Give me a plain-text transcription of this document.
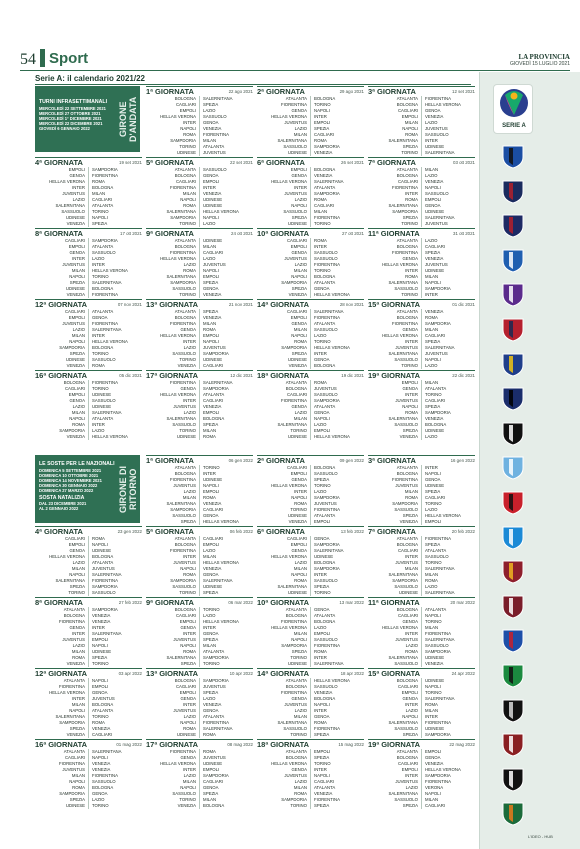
54 Sport	LA PROVINCIA
GIOVEDÌ 15 LUGLIO 2021
Serie A: il calendario 2021/22
TURNI INFRASETTIMANALI
MERCOLEDÌ 22 SETTEMBRE 2021
MERCOLEDÌ 27 OTTOBRE 2021
MERCOLEDÌ 1° DICEMBRE 2021
MERCOLEDÌ 22 DICEMBRE 2021
GIOVEDÌ 6 GENNAIO 2022	GIRONE D'ANDATA
LE SOSTE PER LE NAZIONALI
DOMENICA 5 SETTEMBRE 2021
DOMENICA 10 OTTOBRE 2021
DOMENICA 14 NOVEMBRE 2021
DOMENICA 30 GENNAIO 2022
DOMENICA 27 MARZO 2022
SOSTA NATALIZIA
DAL 23 DICEMBRE 2021
AL 2 GENNAIO 2022	GIRONE DI RITORNO
1ª GIORNATA	22 ago 2021
BOLOGNA	SALERNITANA
CAGLIARI	SPEZIA
EMPOLI	LAZIO
HELLAS VERONA	SASSUOLO
INTER	GENOA
NAPOLI	VENEZIA
ROMA	FIORENTINA
SAMPDORIA	MILAN
TORINO	ATALANTA
UDINESE	JUVENTUS
2ª GIORNATA	29 ago 2021
ATALANTA	BOLOGNA
FIORENTINA	TORINO
GENOA	NAPOLI
HELLAS VERONA	INTER
JUVENTUS	EMPOLI
LAZIO	SPEZIA
MILAN	CAGLIARI
SALERNITANA	ROMA
SASSUOLO	SAMPDORIA
UDINESE	VENEZIA
3ª GIORNATA	12 set 2021
ATALANTA	FIORENTINA
BOLOGNA	HELLAS VERONA
CAGLIARI	GENOA
EMPOLI	VENEZIA
MILAN	LAZIO
NAPOLI	JUVENTUS
ROMA	SASSUOLO
SALERNITANA	INTER
SPEZIA	UDINESE
TORINO	SALERNITANA
4ª GIORNATA	19 set 2021
EMPOLI	SAMPDORIA
GENOA	FIORENTINA
HELLAS VERONA	ROMA
INTER	BOLOGNA
JUVENTUS	MILAN
LAZIO	CAGLIARI
SALERNITANA	ATALANTA
SASSUOLO	TORINO
UDINESE	NAPOLI
VENEZIA	SPEZIA
5ª GIORNATA	22 set 2021
ATALANTA	SASSUOLO
BOLOGNA	GENOA
CAGLIARI	EMPOLI
FIORENTINA	INTER
MILAN	VENEZIA
NAPOLI	UDINESE
ROMA	UDINESE
SALERNITANA	HELLAS VERONA
SAMPDORIA	NAPOLI
TORINO	LAZIO
6ª GIORNATA	26 set 2021
EMPOLI	BOLOGNA
GENOA	VENEZIA
HELLAS VERONA	SALERNITANA
INTER	ATALANTA
JUVENTUS	SAMPDORIA
LAZIO	ROMA
NAPOLI	CAGLIARI
SASSUOLO	MILAN
SPEZIA	FIORENTINA
UDINESE	TORINO
7ª GIORNATA	03 ott 2021
ATALANTA	MILAN
BOLOGNA	LAZIO
CAGLIARI	VENEZIA
FIORENTINA	NAPOLI
INTER	SASSUOLO
ROMA	EMPOLI
SALERNITANA	GENOA
SAMPDORIA	UDINESE
SPEZIA	SALERNITANA
TORINO	JUVENTUS
8ª GIORNATA	17 ott 2021
CAGLIARI	SAMPDORIA
EMPOLI	ATALANTA
GENOA	SASSUOLO
INTER	LAZIO
JUVENTUS	INTER
MILAN	HELLAS VERONA
NAPOLI	TORINO
SPEZIA	SALERNITANA
UDINESE	BOLOGNA
VENEZIA	FIORENTINA
9ª GIORNATA	24 ott 2021
ATALANTA	UDINESE
BOLOGNA	MILAN
FIORENTINA	CAGLIARI
HELLAS VERONA	LAZIO
LAZIO	JUVENTUS
ROMA	NAPOLI
SALERNITANA	EMPOLI
SAMPDORIA	SPEZIA
SASSUOLO	GENOA
TORINO	VENEZIA
10ª GIORNATA	27 ott 2021
CAGLIARI	ROMA
EMPOLI	INTER
GENOA	SASSUOLO
JUVENTUS	SASSUOLO
LAZIO	FIORENTINA
MILAN	TORINO
NAPOLI	BOLOGNA
SAMPDORIA	ATALANTA
SPEZIA	GENOA
VENEZIA	HELLAS VERONA
11ª GIORNATA	31 ott 2021
ATALANTA	LAZIO
BOLOGNA	CAGLIARI
FIORENTINA	SPEZIA
GENOA	VENEZIA
HELLAS VERONA	JUVENTUS
INTER	UDINESE
ROMA	MILAN
SALERNITANA	NAPOLI
SASSUOLO	SAMPDORIA
TORINO	INTER
12ª GIORNATA	07 nov 2021
CAGLIARI	ATALANTA
EMPOLI	GENOA
JUVENTUS	FIORENTINA
LAZIO	SALERNITANA
MILAN	INTER
NAPOLI	HELLAS VERONA
SAMPDORIA	BOLOGNA
SPEZIA	TORINO
UDINESE	SASSUOLO
VENEZIA	ROMA
13ª GIORNATA	21 nov 2021
ATALANTA	SPEZIA
BOLOGNA	VENEZIA
FIORENTINA	MILAN
GENOA	ROMA
HELLAS VERONA	EMPOLI
INTER	NAPOLI
LAZIO	JUVENTUS
SASSUOLO	SAMPDORIA
TORINO	UDINESE
VENEZIA	CAGLIARI
14ª GIORNATA	28 nov 2021
CAGLIARI	SALERNITANA
EMPOLI	FIORENTINA
GENOA	ATALANTA
MILAN	SASSUOLO
NAPOLI	LAZIO
ROMA	TORINO
SAMPDORIA	HELLAS VERONA
SPEZIA	INTER
UDINESE	GENOA
VENEZIA	BOLOGNA
15ª GIORNATA	01 dic 2021
ATALANTA	VENEZIA
BOLOGNA	ROMA
FIORENTINA	SAMPDORIA
GENOA	MILAN
HELLAS VERONA	CAGLIARI
INTER	SPEZIA
JUVENTUS	SALERNITANA
SALERNITANA	JUVENTUS
SASSUOLO	NAPOLI
TORINO	LAZIO
16ª GIORNATA	05 dic 2021
BOLOGNA	FIORENTINA
CAGLIARI	TORINO
EMPOLI	UDINESE
GENOA	SASSUOLO
LAZIO	UDINESE
MILAN	SALERNITANA
NAPOLI	ATALANTA
ROMA	INTER
SAMPDORIA	LAZIO
VENEZIA	HELLAS VERONA
17ª GIORNATA	12 dic 2021
FIORENTINA	SALERNITANA
GENOA	SAMPDORIA
HELLAS VERONA	ATALANTA
INTER	CAGLIARI
JUVENTUS	VENEZIA
LAZIO	EMPOLI
SALERNITANA	BOLOGNA
SASSUOLO	SPEZIA
TORINO	MILAN
UDINESE	ROMA
18ª GIORNATA	19 dic 2021
ATALANTA	ROMA
BOLOGNA	JUVENTUS
CAGLIARI	SASSUOLO
FIORENTINA	SAMPDORIA
GENOA	ATALANTA
LAZIO	GENOA
MILAN	NAPOLI
SALERNITANA	LAZIO
TORINO	EMPOLI
UDINESE	HELLAS VERONA
19ª GIORNATA	22 dic 2021
EMPOLI	MILAN
GENOA	ATALANTA
INTER	TORINO
JUVENTUS	CAGLIARI
NAPOLI	SPEZIA
ROMA	SAMPDORIA
SALERNITANA	VENEZIA
SASSUOLO	BOLOGNA
SPEZIA	UDINESE
VENEZIA	LAZIO
1ª GIORNATA	06 gen 2022
ATALANTA	TORINO
BOLOGNA	INTER
FIORENTINA	UDINESE
JUVENTUS	NAPOLI
LAZIO	EMPOLI
MILAN	ROMA
SALERNITANA	VENEZIA
SAMPDORIA	CAGLIARI
SASSUOLO	GENOA
SPEZIA	HELLAS VERONA
2ª GIORNATA	09 gen 2022
CAGLIARI	BOLOGNA
EMPOLI	SASSUOLO
GENOA	SPEZIA
HELLAS VERONA	TORINO
INTER	LAZIO
NAPOLI	SAMPDORIA
ROMA	JUVENTUS
TORINO	FIORENTINA
UDINESE	ATALANTA
VENEZIA	EMPOLI
3ª GIORNATA	16 gen 2022
ATALANTA	INTER
BOLOGNA	NAPOLI
FIORENTINA	GENOA
JUVENTUS	UDINESE
MILAN	SPEZIA
ROMA	CAGLIARI
SAMPDORIA	TORINO
SASSUOLO	LAZIO
SPEZIA	HELLAS VERONA
VENEZIA	EMPOLI
4ª GIORNATA	23 gen 2022
CAGLIARI	ROMA
EMPOLI	NAPOLI
GENOA	UDINESE
HELLAS VERONA	BOLOGNA
LAZIO	ATALANTA
MILAN	JUVENTUS
NAPOLI	SALERNITANA
SALERNITANA	FIORENTINA
SPEZIA	SAMPDORIA
TORINO	SASSUOLO
5ª GIORNATA	06 feb 2022
ATALANTA	CAGLIARI
BOLOGNA	EMPOLI
FIORENTINA	LAZIO
INTER	MILAN
JUVENTUS	HELLAS VERONA
NAPOLI	VENEZIA
ROMA	GENOA
SAMPDORIA	SALERNITANA
SASSUOLO	UDINESE
TORINO	SPEZIA
6ª GIORNATA	13 feb 2022
CAGLIARI	GENOA
EMPOLI	SAMPDORIA
GENOA	SALERNITANA
HELLAS VERONA	UDINESE
LAZIO	BOLOGNA
MILAN	SAMPDORIA
NAPOLI	INTER
ROMA	SASSUOLO
SALERNITANA	SPEZIA
UDINESE	TORINO
7ª GIORNATA	20 feb 2022
ATALANTA	FIORENTINA
BOLOGNA	SPEZIA
CAGLIARI	ATALANTA
INTER	SASSUOLO
JUVENTUS	TORINO
MILAN	SALERNITANA
SALERNITANA	MILAN
SAMPDORIA	ROMA
SASSUOLO	LAZIO
UDINESE	SALERNITANA
8ª GIORNATA	27 feb 2022
ATALANTA	SAMPDORIA
BOLOGNA	VENEZIA
FIORENTINA	VENEZIA
GENOA	INTER
INTER	SALERNITANA
JUVENTUS	EMPOLI
LAZIO	NAPOLI
MILAN	UDINESE
ROMA	SPEZIA
VENEZIA	TORINO
9ª GIORNATA	06 mar 2022
BOLOGNA	TORINO
CAGLIARI	LAZIO
EMPOLI	HELLAS VERONA
GENOA	INTER
INTER	GENOA
JUVENTUS	SPEZIA
NAPOLI	MILAN
ROMA	ATALANTA
SALERNITANA	SAMPDORIA
SPEZIA	TORINO
10ª GIORNATA	13 mar 2022
ATALANTA	GENOA
BOLOGNA	ATALANTA
FIORENTINA	BOLOGNA
HELLAS VERONA	LAZIO
MILAN	EMPOLI
NAPOLI	SASSUOLO
SAMPDORIA	FIORENTINA
SPEZIA	ROMA
TORINO	INTER
UDINESE	SALERNITANA
11ª GIORNATA	20 mar 2022
BOLOGNA	ATALANTA
CAGLIARI	NAPOLI
GENOA	TORINO
HELLAS VERONA	MILAN
INTER	FIORENTINA
JUVENTUS	SALERNITANA
LAZIO	SASSUOLO
ROMA	SAMPDORIA
SALERNITANA	UDINESE
SASSUOLO	VENEZIA
12ª GIORNATA	03 apr 2022
ATALANTA	NAPOLI
FIORENTINA	EMPOLI
HELLAS VERONA	GENOA
INTER	JUVENTUS
MILAN	BOLOGNA
NAPOLI	ATALANTA
SALERNITANA	TORINO
SAMPDORIA	ROMA
SPEZIA	VENEZIA
VENEZIA	CAGLIARI
13ª GIORNATA	10 apr 2022
BOLOGNA	SAMPDORIA
CAGLIARI	JUVENTUS
EMPOLI	SPEZIA
GENOA	LAZIO
INTER	VENEZIA
JUVENTUS	GENOA
LAZIO	ATALANTA
NAPOLI	FIORENTINA
ROMA	SALERNITANA
UDINESE	ROMA
14ª GIORNATA	18 apr 2022
ATALANTA	HELLAS VERONA
BOLOGNA	SASSUOLO
FIORENTINA	VENEZIA
GENOA	BOLOGNA
JUVENTUS	NAPOLI
LAZIO	INTER
MILAN	GENOA
SALERNITANA	ROMA
SASSUOLO	FIORENTINA
TORINO	SPEZIA
15ª GIORNATA	24 apr 2022
BOLOGNA	UDINESE
CAGLIARI	NAPOLI
EMPOLI	TORINO
GENOA	SALERNITANA
INTER	ROMA
LAZIO	MILAN
NAPOLI	INTER
SALERNITANA	FIORENTINA
SASSUOLO	UDINESE
SPEZIA	SAMPDORIA
16ª GIORNATA	01 mag 2022
ATALANTA	SALERNITANA
CAGLIARI	NAPOLI
FIORENTINA	VENEZIA
JUVENTUS	VENEZIA
MILAN	FIORENTINA
NAPOLI	SASSUOLO
ROMA	BOLOGNA
SAMPDORIA	GENOA
SPEZIA	LAZIO
UDINESE	TORINO
17ª GIORNATA	08 mag 2022
FIORENTINA	ROMA
GENOA	JUVENTUS
HELLAS VERONA	UDINESE
INTER	EMPOLI
LAZIO	SAMPDORIA
MILAN	CAGLIARI
NAPOLI	GENOA
SASSUOLO	SPEZIA
TORINO	MILAN
VENEZIA	BOLOGNA
18ª GIORNATA	15 mag 2022
ATALANTA	EMPOLI
BOLOGNA	SPEZIA
HELLAS VERONA	TORINO
GENOA	INTER
JUVENTUS	NAPOLI
LAZIO	CAGLIARI
MILAN	ATALANTA
ROMA	VENEZIA
SAMPDORIA	FIORENTINA
TORINO	SPEZIA
19ª GIORNATA	22 mag 2022
ATALANTA	EMPOLI
BOLOGNA	GENOA
CAGLIARI	VENEZIA
EMPOLI	HELLAS VERONA
INTER	SAMPDORIA
JUVENTUS	FIORENTINA
LAZIO	VERONA
SALERNITANA	NAPOLI
SASSUOLO	MILAN
SPEZIA	CAGLIARI
SERIE A
L'IDEO - HUB
